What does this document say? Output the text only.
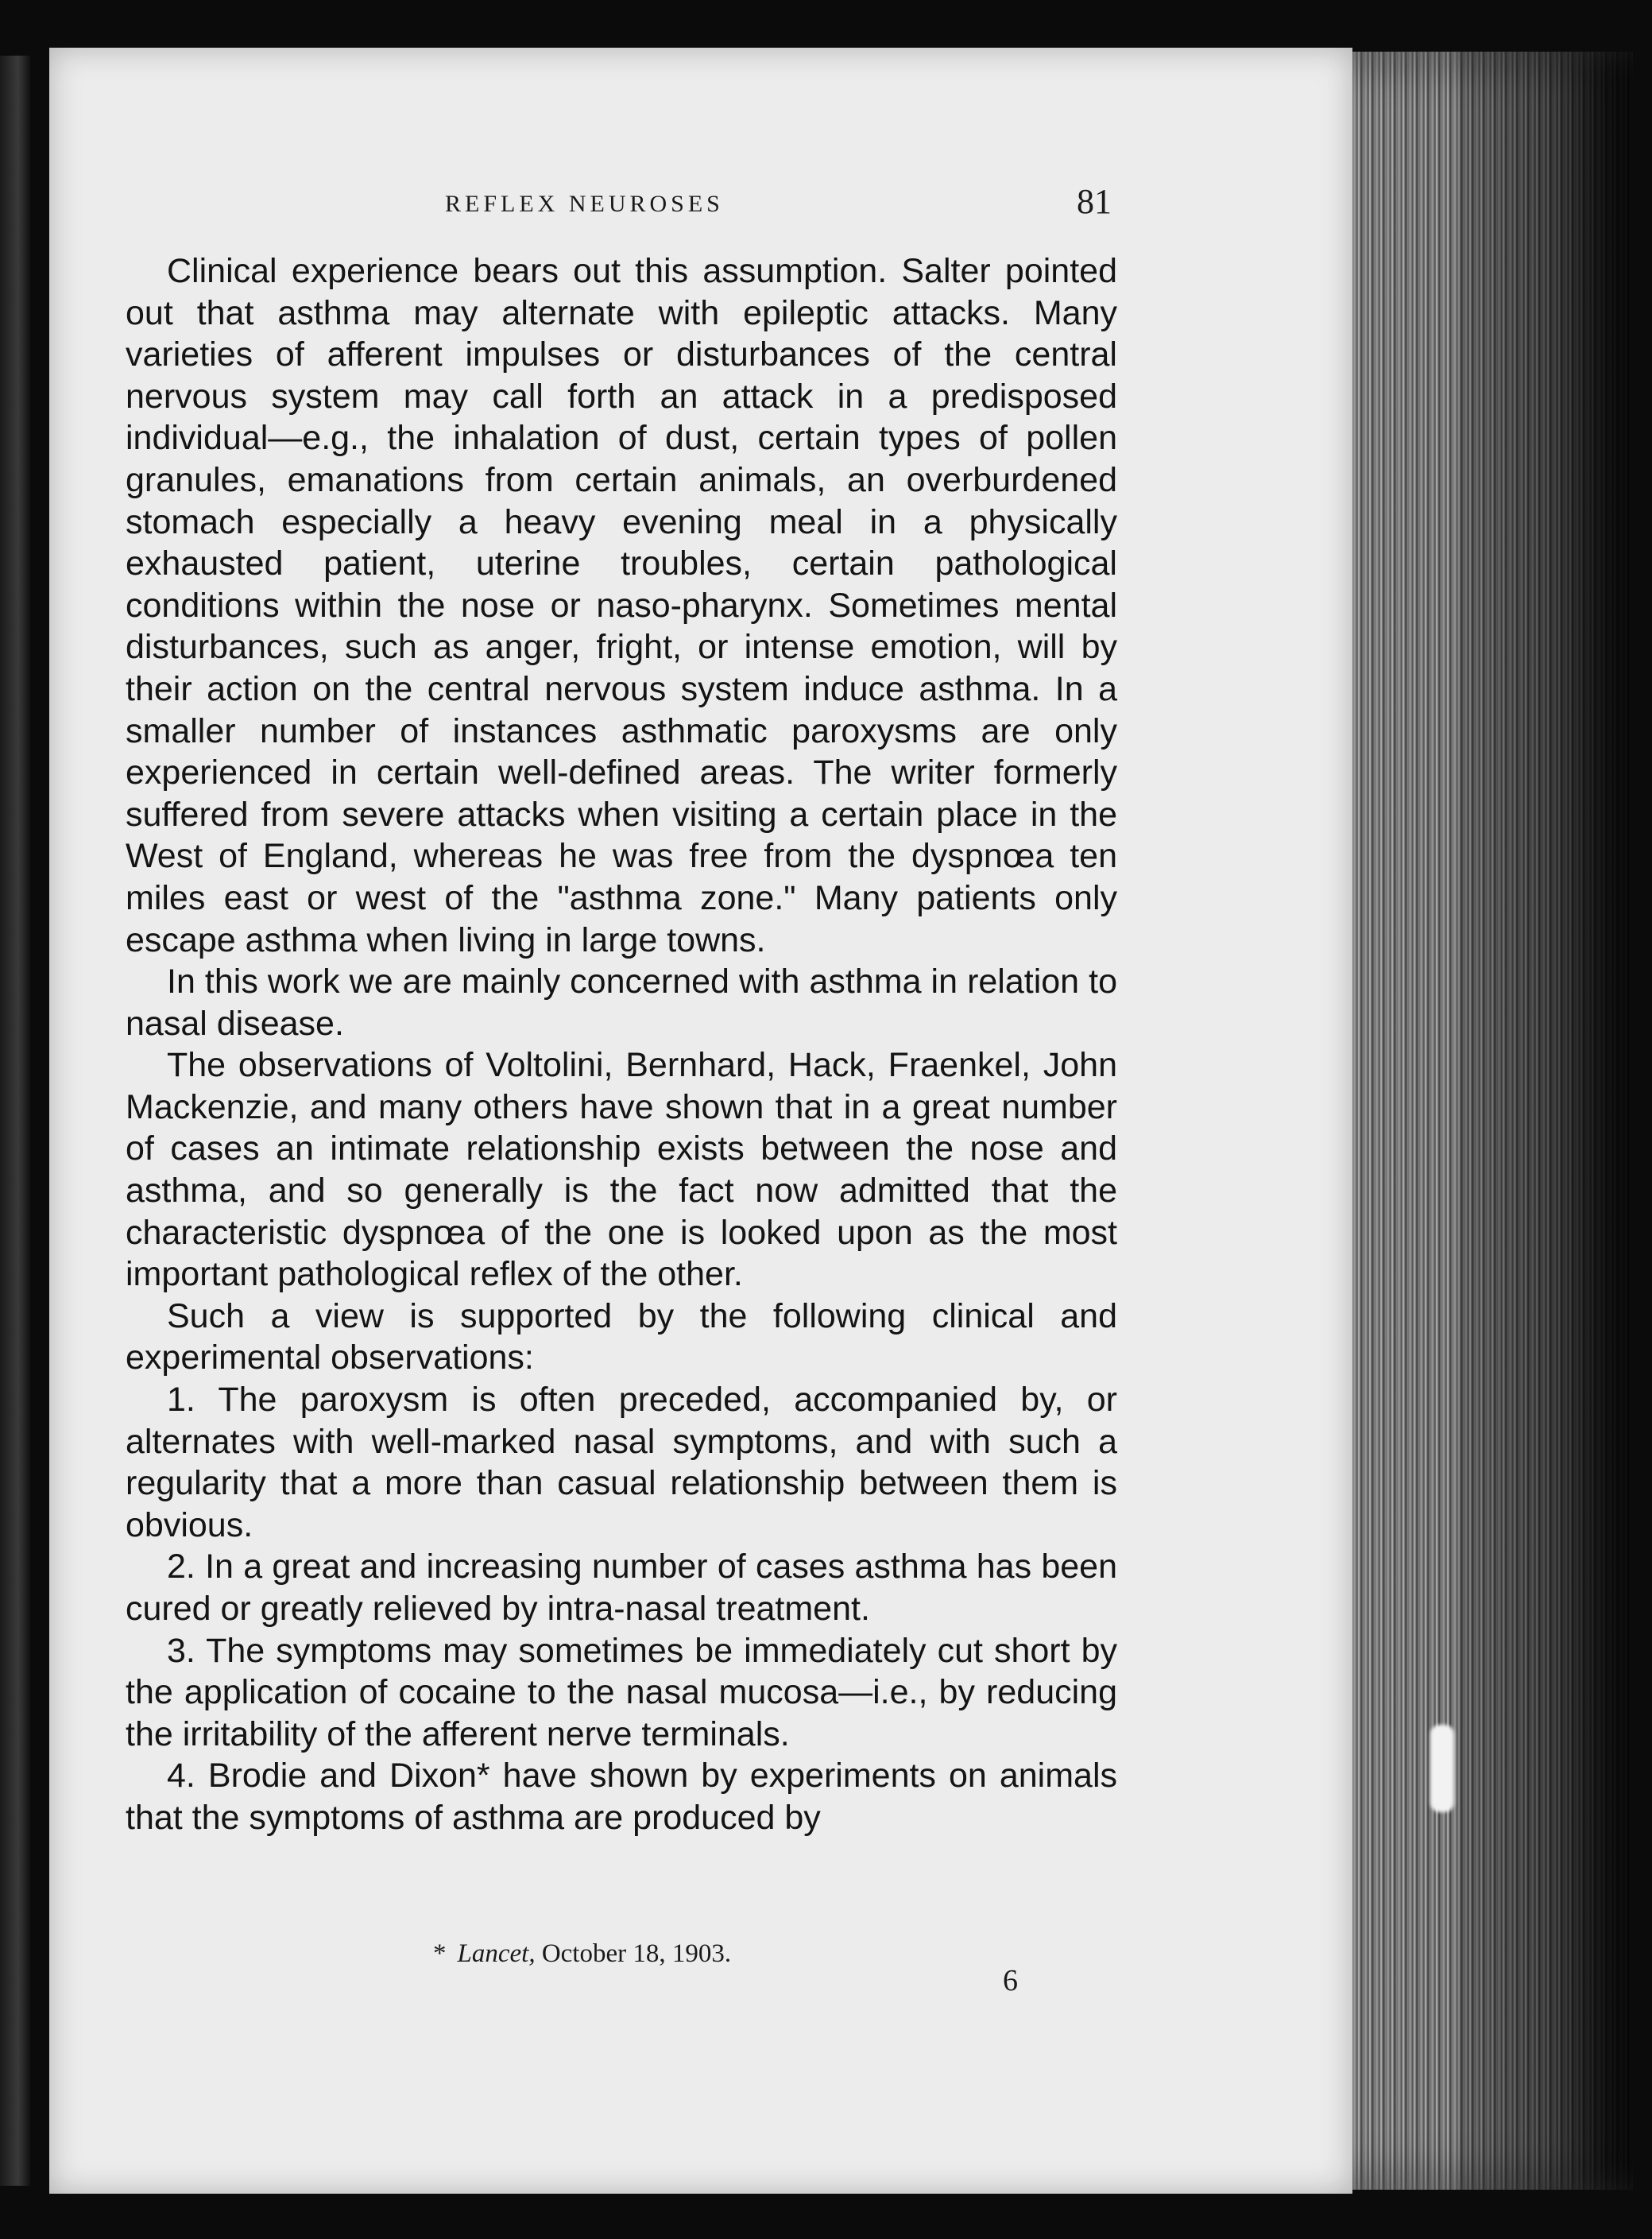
REFLEX NEUROSES	81

Clinical experience bears out this assumption. Salter pointed out that asthma may alternate with epileptic attacks. Many varieties of afferent impulses or disturbances of the central nervous system may call forth an attack in a predisposed individual—e.g., the inhalation of dust, certain types of pollen granules, emanations from certain animals, an overburdened stomach especially a heavy evening meal in a physically exhausted patient, uterine troubles, certain pathological conditions within the nose or naso-pharynx. Sometimes mental disturbances, such as anger, fright, or intense emotion, will by their action on the central nervous system induce asthma. In a smaller number of instances asthmatic paroxysms are only experienced in certain well-defined areas. The writer formerly suffered from severe attacks when visiting a certain place in the West of England, whereas he was free from the dyspnœa ten miles east or west of the "asthma zone." Many patients only escape asthma when living in large towns.

In this work we are mainly concerned with asthma in relation to nasal disease.

The observations of Voltolini, Bernhard, Hack, Fraenkel, John Mackenzie, and many others have shown that in a great number of cases an intimate relationship exists between the nose and asthma, and so generally is the fact now admitted that the characteristic dyspnœa of the one is looked upon as the most important pathological reflex of the other.

Such a view is supported by the following clinical and experimental observations:

1. The paroxysm is often preceded, accompanied by, or alternates with well-marked nasal symptoms, and with such a regularity that a more than casual relationship between them is obvious.

2. In a great and increasing number of cases asthma has been cured or greatly relieved by intra-nasal treatment.

3. The symptoms may sometimes be immediately cut short by the application of cocaine to the nasal mucosa—i.e., by reducing the irritability of the afferent nerve terminals.

4. Brodie and Dixon* have shown by experiments on animals that the symptoms of asthma are produced by

* Lancet, October 18, 1903.
6
